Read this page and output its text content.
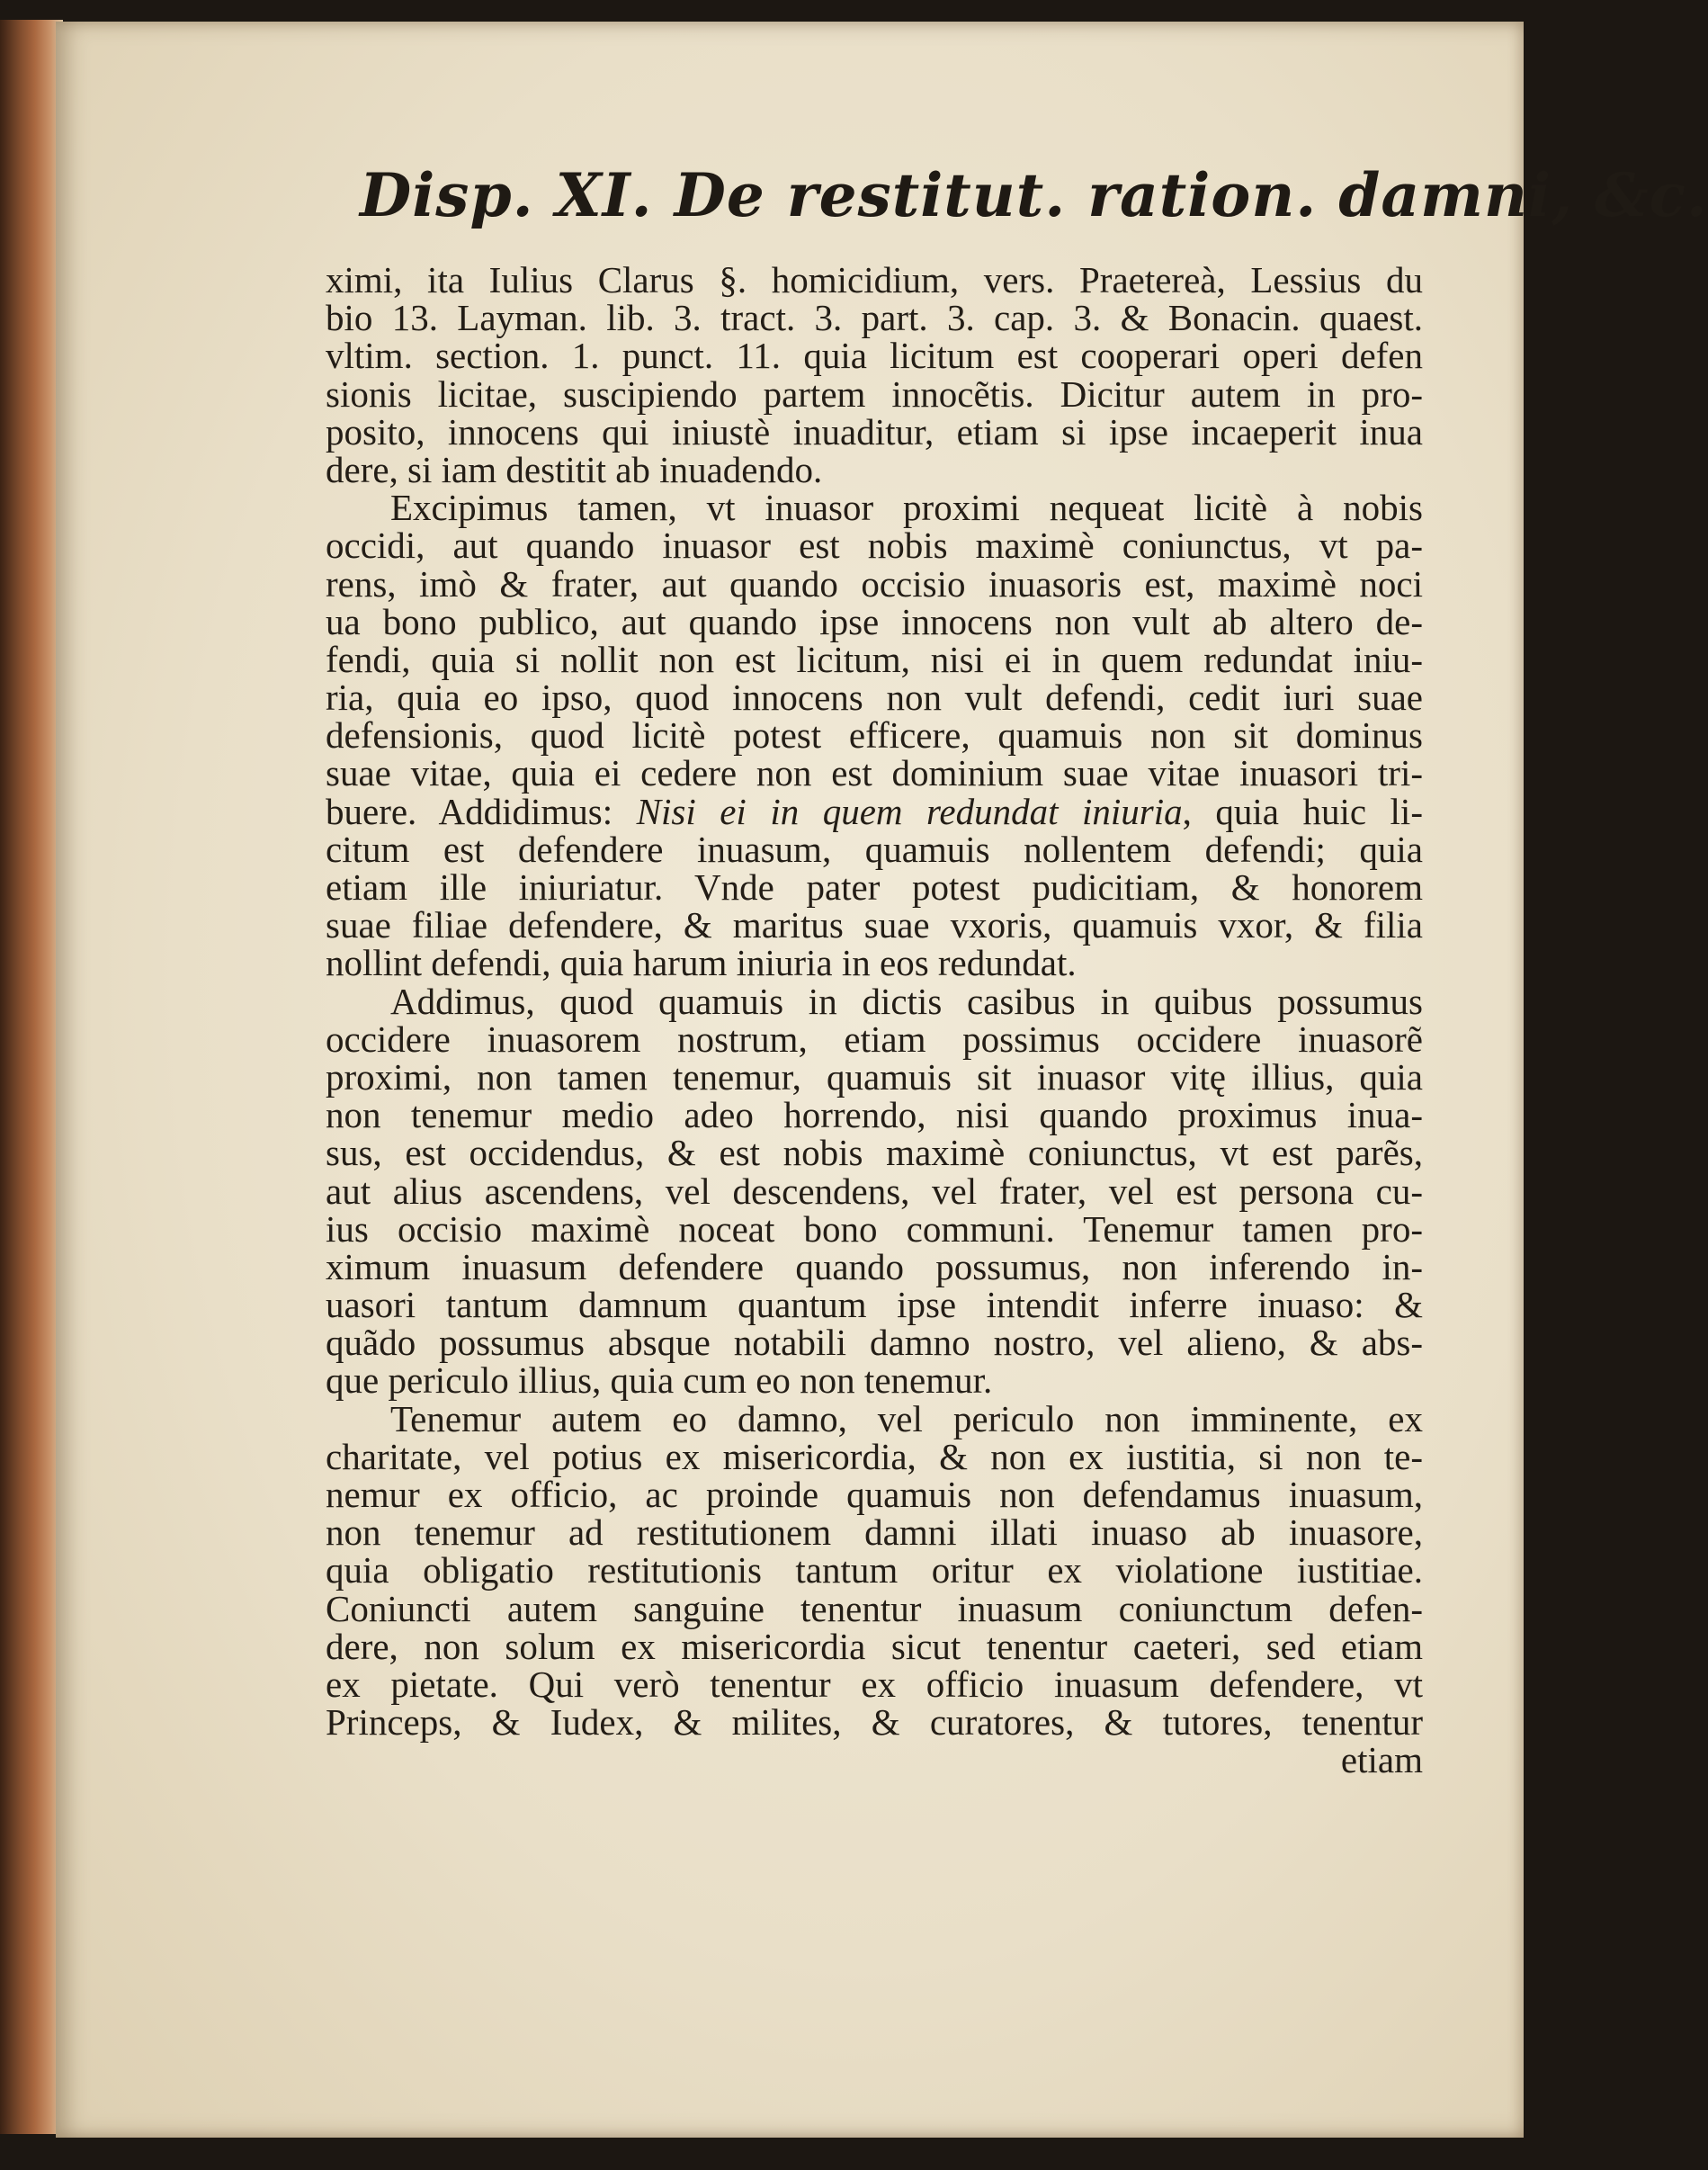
Disp. XI. De restitut. ration. damni, &c.
ximi, ita Iulius Clarus §. homicidium, vers. Praetereà, Lessius du
bio 13. Layman. lib. 3. tract. 3. part. 3. cap. 3. & Bonacin. quaest.
vltim. section. 1. punct. 11. quia licitum est cooperari operi defen
sionis licitae, suscipiendo partem innocẽtis. Dicitur autem in pro-
posito, innocens qui iniustè inuaditur, etiam si ipse incaeperit inua
dere, si iam destitit ab inuadendo.
Excipimus tamen, vt inuasor proximi nequeat licitè à nobis
occidi, aut quando inuasor est nobis maximè coniunctus, vt pa-
rens, imò & frater, aut quando occisio inuasoris est, maximè noci
ua bono publico, aut quando ipse innocens non vult ab altero de-
fendi, quia si nollit non est licitum, nisi ei in quem redundat iniu-
ria, quia eo ipso, quod innocens non vult defendi, cedit iuri suae
defensionis, quod licitè potest efficere, quamuis non sit dominus
suae vitae, quia ei cedere non est dominium suae vitae inuasori tri-
buere. Addidimus: Nisi ei in quem redundat iniuria, quia huic li-
citum est defendere inuasum, quamuis nollentem defendi; quia
etiam ille iniuriatur. Vnde pater potest pudicitiam, & honorem
suae filiae defendere, & maritus suae vxoris, quamuis vxor, & filia
nollint defendi, quia harum iniuria in eos redundat.
Addimus, quod quamuis in dictis casibus in quibus possumus
occidere inuasorem nostrum, etiam possimus occidere inuasorẽ
proximi, non tamen tenemur, quamuis sit inuasor vitę illius, quia
non tenemur medio adeo horrendo, nisi quando proximus inua-
sus, est occidendus, & est nobis maximè coniunctus, vt est parẽs,
aut alius ascendens, vel descendens, vel frater, vel est persona cu-
ius occisio maximè noceat bono communi. Tenemur tamen pro-
ximum inuasum defendere quando possumus, non inferendo in-
uasori tantum damnum quantum ipse intendit inferre inuaso: &
quãdo possumus absque notabili damno nostro, vel alieno, & abs-
que periculo illius, quia cum eo non tenemur.
Tenemur autem eo damno, vel periculo non imminente, ex
charitate, vel potius ex misericordia, & non ex iustitia, si non te-
nemur ex officio, ac proinde quamuis non defendamus inuasum,
non tenemur ad restitutionem damni illati inuaso ab inuasore,
quia obligatio restitutionis tantum oritur ex violatione iustitiae.
Coniuncti autem sanguine tenentur inuasum coniunctum defen-
dere, non solum ex misericordia sicut tenentur caeteri, sed etiam
ex pietate. Qui verò tenentur ex officio inuasum defendere, vt
Princeps, & Iudex, & milites, & curatores, & tutores, tenentur
etiam
